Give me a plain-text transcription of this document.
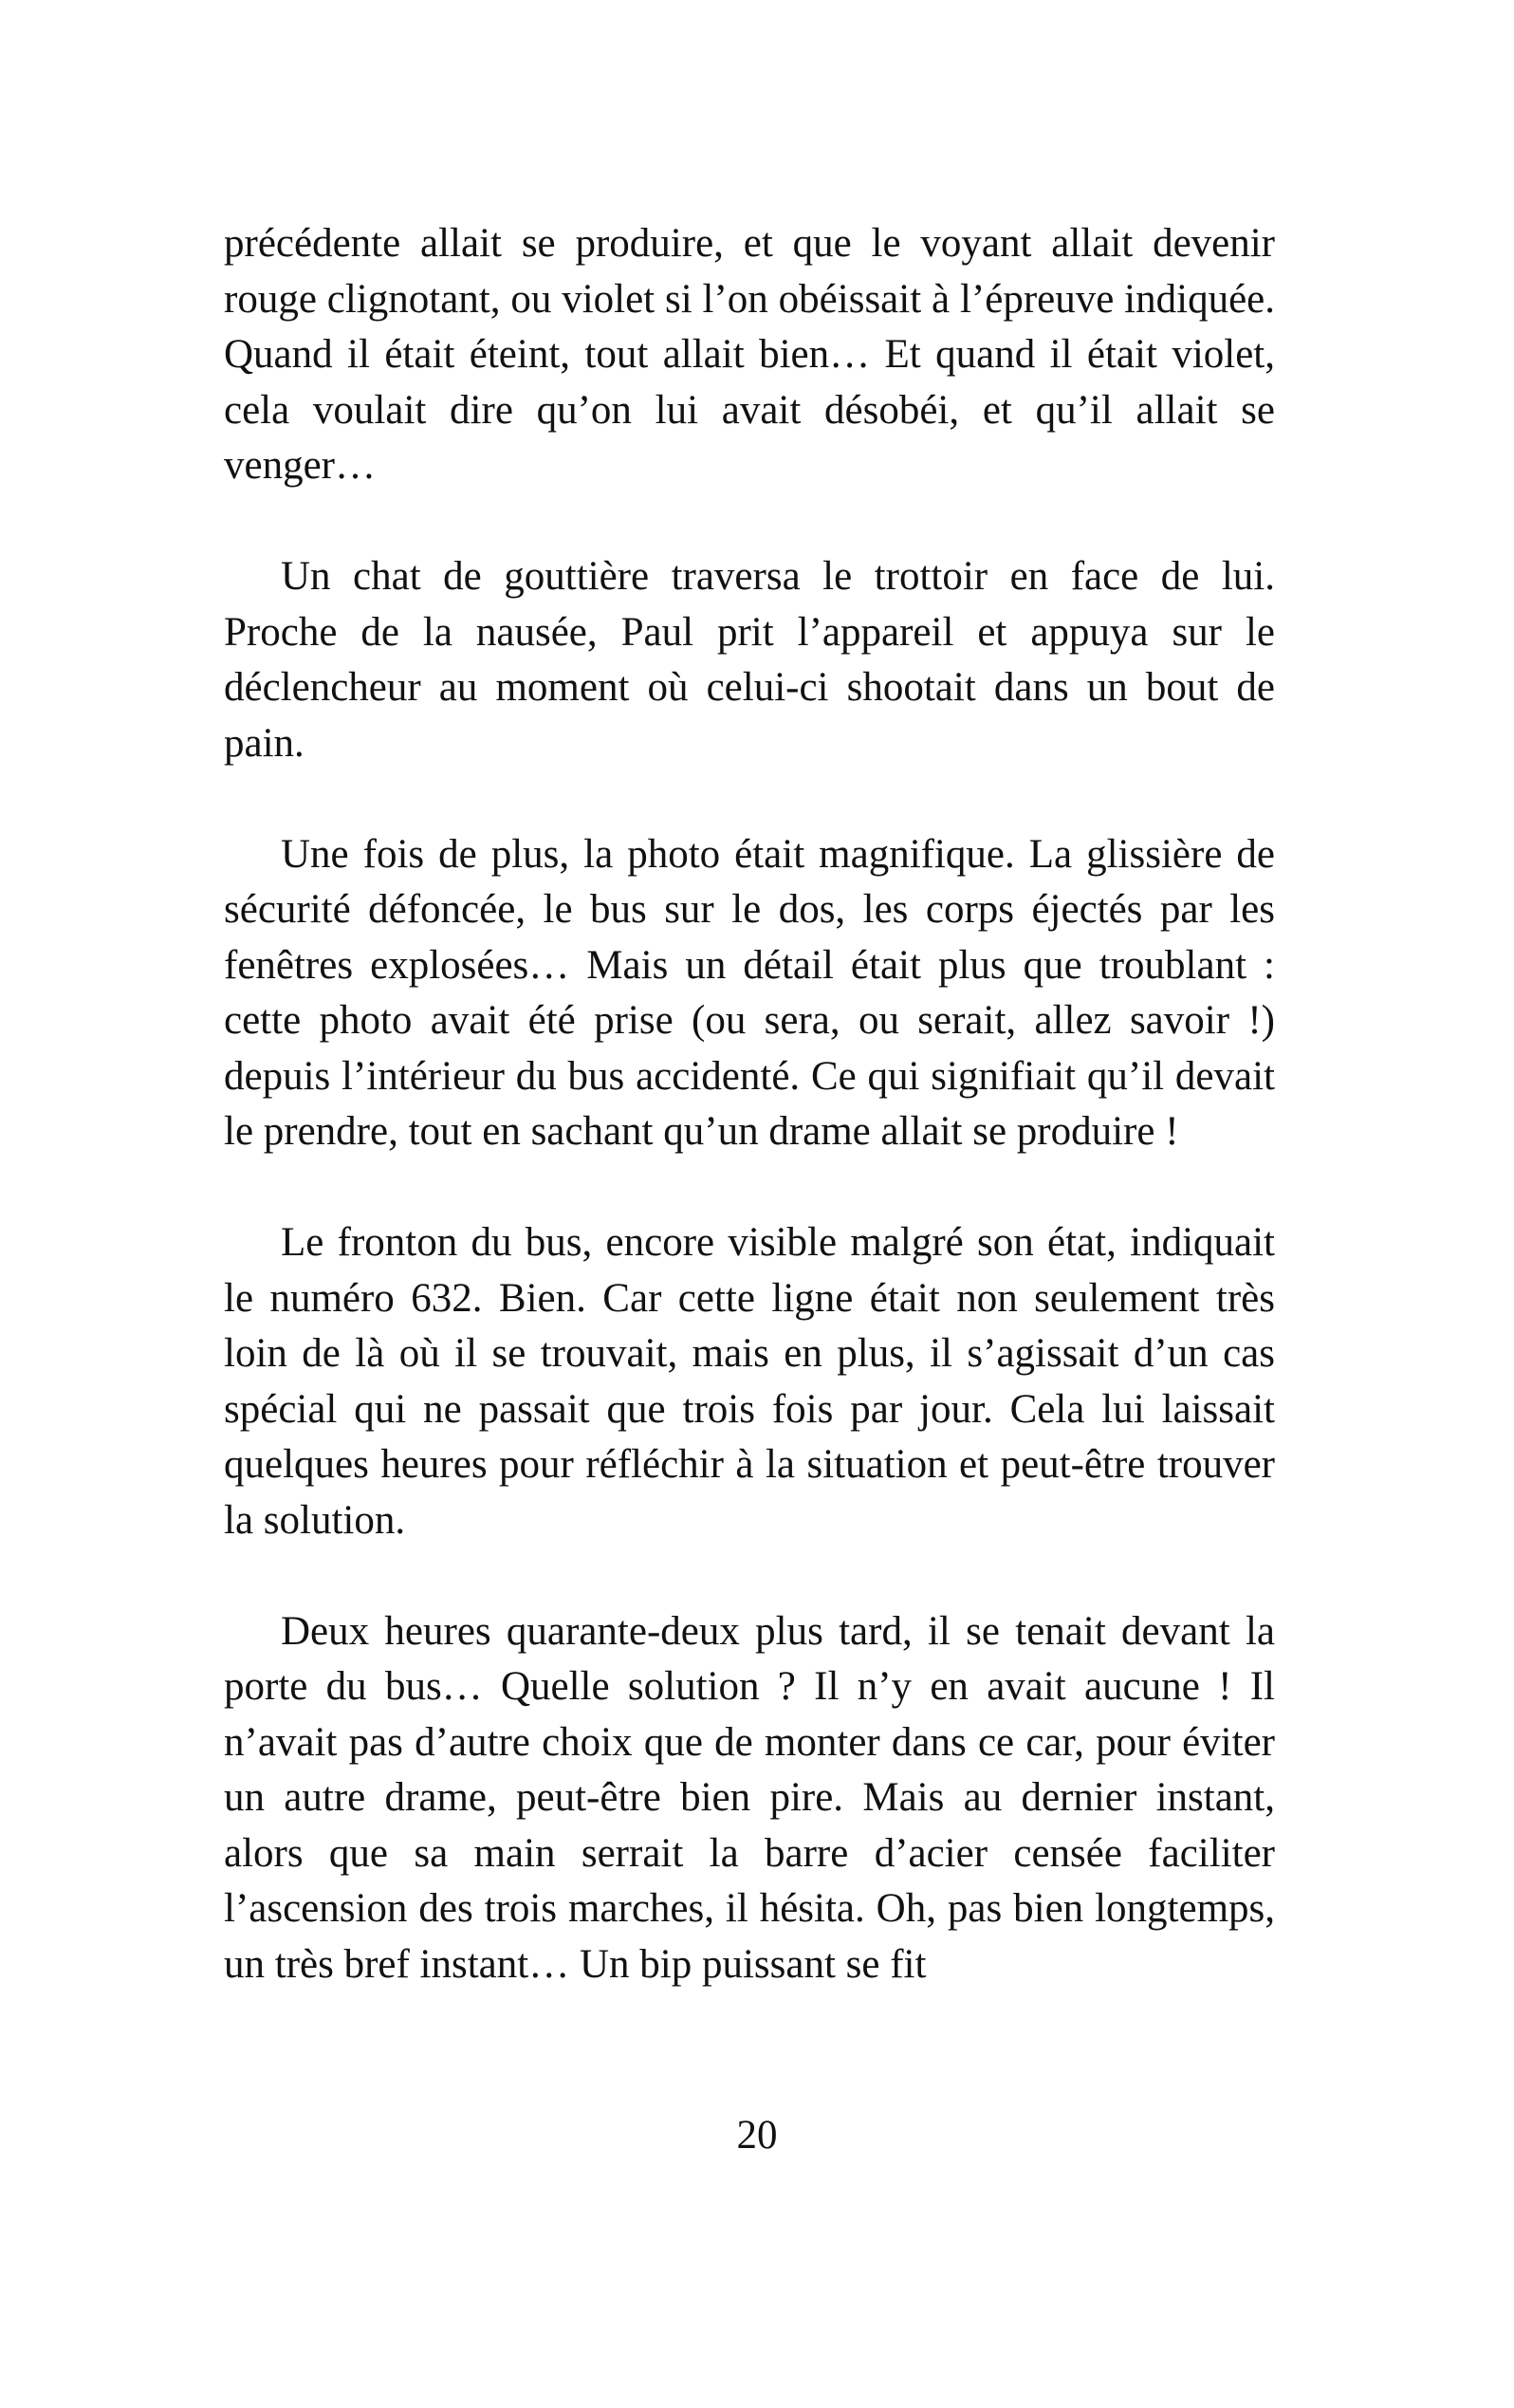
précédente allait se produire, et que le voyant allait devenir rouge clignotant, ou violet si l’on obéissait à l’épreuve indiquée. Quand il était éteint, tout allait bien… Et quand il était violet, cela voulait dire qu’on lui avait désobéi, et qu’il allait se venger…

Un chat de gouttière traversa le trottoir en face de lui. Proche de la nausée, Paul prit l’appareil et appuya sur le déclencheur au moment où celui-ci shootait dans un bout de pain.

Une fois de plus, la photo était magnifique. La glissière de sécurité défoncée, le bus sur le dos, les corps éjectés par les fenêtres explosées… Mais un détail était plus que troublant : cette photo avait été prise (ou sera, ou serait, allez savoir !) depuis l’intérieur du bus accidenté. Ce qui signifiait qu’il devait le prendre, tout en sachant qu’un drame allait se produire !

Le fronton du bus, encore visible malgré son état, indiquait le numéro 632. Bien. Car cette ligne était non seulement très loin de là où il se trouvait, mais en plus, il s’agissait d’un cas spécial qui ne passait que trois fois par jour. Cela lui laissait quelques heures pour réfléchir à la situation et peut-être trouver la solution.

Deux heures quarante-deux plus tard, il se tenait devant la porte du bus… Quelle solution ? Il n’y en avait aucune ! Il n’avait pas d’autre choix que de monter dans ce car, pour éviter un autre drame, peut-être bien pire. Mais au dernier instant, alors que sa main serrait la barre d’acier censée faciliter l’ascension des trois marches, il hésita. Oh, pas bien longtemps, un très bref instant… Un bip puissant se fit

20
